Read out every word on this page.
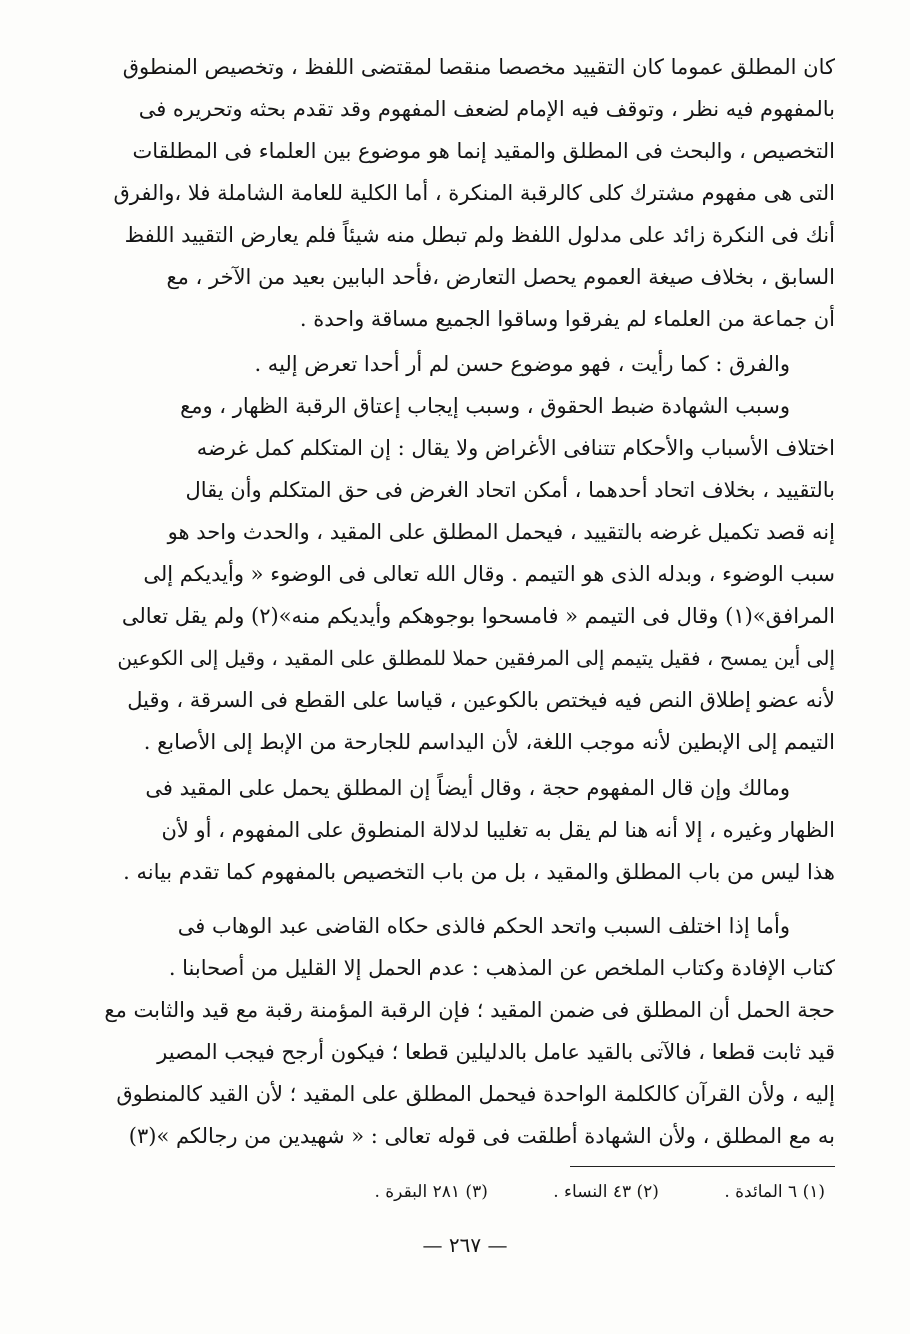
كان المطلق عموما كان التقييد مخصصا منقصا لمقتضى اللفظ ، وتخصيص المنطوق
بالمفهوم فيه نظر ، وتوقف فيه الإمام لضعف المفهوم وقد تقدم بحثه وتحريره فى
التخصيص ، والبحث فى المطلق والمقيد إنما هو موضوع بين العلماء فى المطلقات
التى هى مفهوم مشترك كلى كالرقبة المنكرة ، أما الكلية للعامة الشاملة فلا ،والفرق
أنك فى النكرة زائد على مدلول اللفظ ولم تبطل منه شيئاً فلم يعارض التقييد اللفظ
السابق ، بخلاف صيغة العموم يحصل التعارض ،فأحد البابين بعيد من الآخر ، مع
أن جماعة من العلماء لم يفرقوا وساقوا الجميع مساقة واحدة .
والفرق : كما رأيت ، فهو موضوع حسن لم أر أحدا تعرض إليه .
وسبب الشهادة ضبط الحقوق ، وسبب إيجاب إعتاق الرقبة الظهار ، ومع
اختلاف الأسباب والأحكام تتنافى الأغراض ولا يقال : إن المتكلم كمل غرضه
بالتقييد ، بخلاف اتحاد أحدهما ، أمكن اتحاد الغرض فى حق المتكلم وأن يقال
إنه قصد تكميل غرضه بالتقييد ، فيحمل المطلق على المقيد ، والحدث واحد هو
سبب الوضوء ، وبدله الذى هو التيمم . وقال الله تعالى فى الوضوء « وأيديكم إلى
المرافق»(١) وقال فى التيمم « فامسحوا بوجوهكم وأيديكم منه»(٢) ولم يقل تعالى
إلى أين يمسح ، فقيل يتيمم إلى المرفقين حملا للمطلق على المقيد ، وقيل إلى الكوعين
لأنه عضو إطلاق النص فيه فيختص بالكوعين ، قياسا على القطع فى السرقة ، وقيل
التيمم إلى الإبطين لأنه موجب اللغة، لأن اليداسم للجارحة من الإبط إلى الأصابع .
ومالك وإن قال المفهوم حجة ، وقال أيضاً إن المطلق يحمل على المقيد فى
الظهار وغيره ، إلا أنه هنا لم يقل به تغليبا لدلالة المنطوق على المفهوم ، أو لأن
هذا ليس من باب المطلق والمقيد ، بل من باب التخصيص بالمفهوم كما تقدم بيانه .
وأما إذا اختلف السبب واتحد الحكم فالذى حكاه القاضى عبد الوهاب فى
كتاب الإفادة وكتاب الملخص عن المذهب : عدم الحمل إلا القليل من أصحابنا .
حجة الحمل أن المطلق فى ضمن المقيد ؛ فإن الرقبة المؤمنة رقبة مع قيد والثابت مع
قيد ثابت قطعا ، فالآتى بالقيد عامل بالدليلين قطعا ؛ فيكون أرجح فيجب المصير
إليه ، ولأن القرآن كالكلمة الواحدة فيحمل المطلق على المقيد ؛ لأن القيد كالمنطوق
به مع المطلق ، ولأن الشهادة أطلقت فى قوله تعالى : « شهيدين من رجالكم »(٣)
(١) ٦ المائدة . (٢) ٤٣ النساء . (٣) ٢٨١ البقرة .
— ٢٦٧ —
